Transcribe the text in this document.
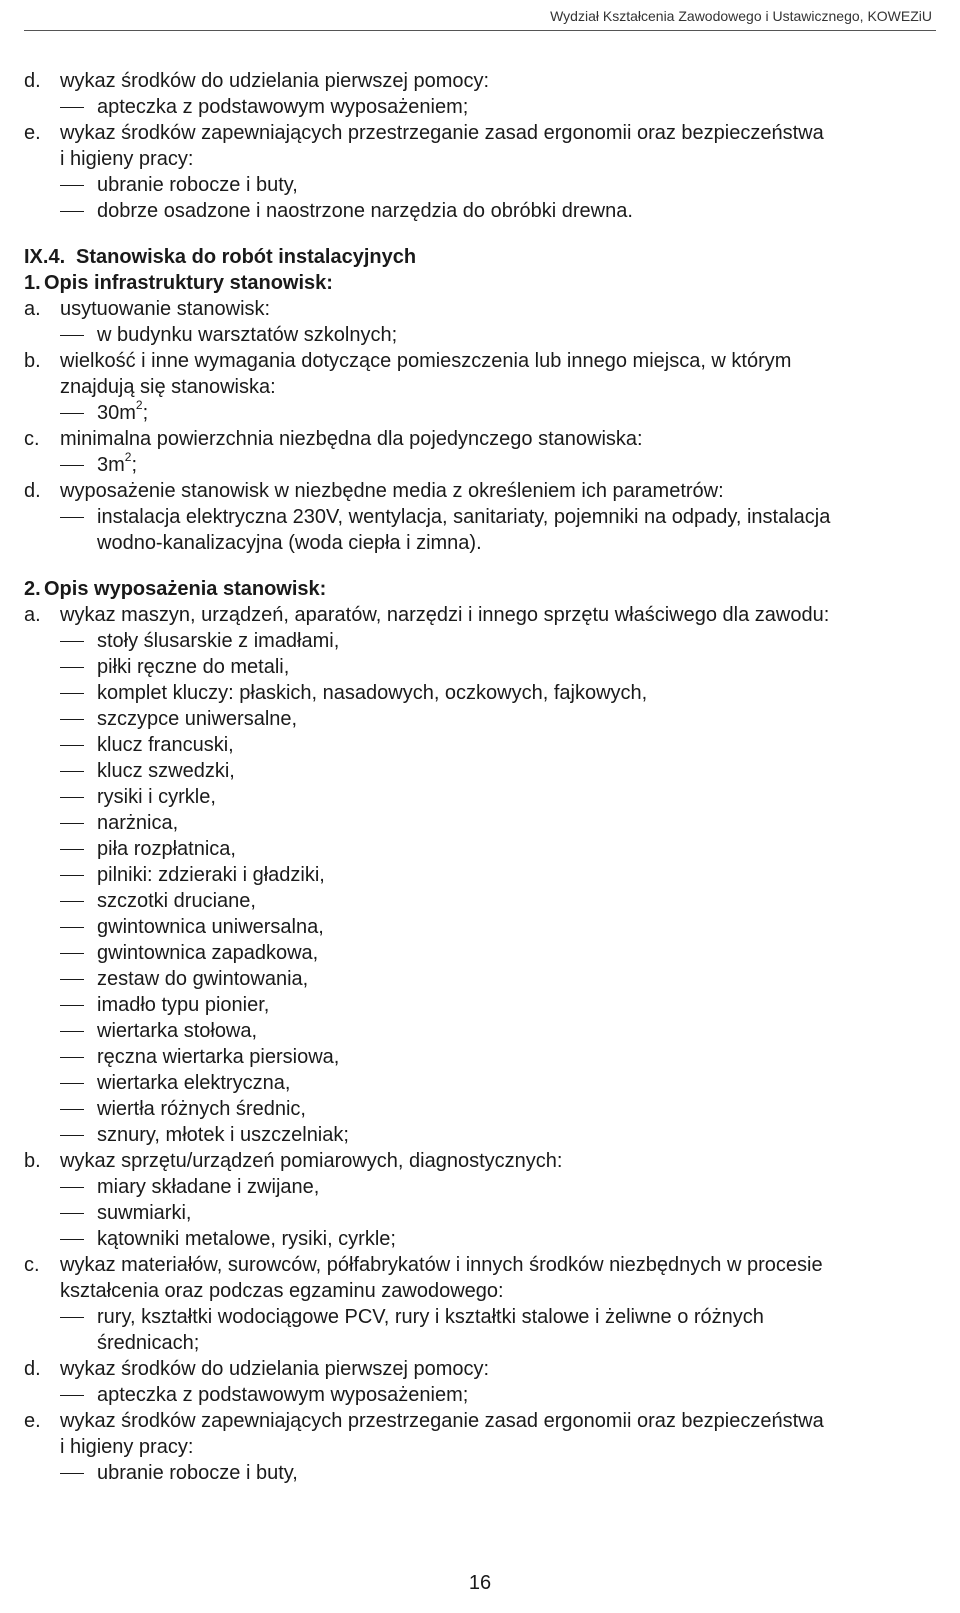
Wydział Kształcenia Zawodowego i Ustawicznego, KOWEZiU
d. wykaz środków do udzielania pierwszej pomocy:
apteczka z podstawowym wyposażeniem;
e. wykaz środków zapewniających przestrzeganie zasad ergonomii oraz bezpieczeństwa
i higieny pracy:
ubranie robocze i buty,
dobrze osadzone i naostrzone narzędzia do obróbki drewna.
IX.4. Stanowiska do robót instalacyjnych
1. Opis infrastruktury stanowisk:
a. usytuowanie stanowisk:
w budynku warsztatów szkolnych;
b. wielkość i inne wymagania dotyczące pomieszczenia lub innego miejsca, w którym
znajdują się stanowiska:
$30m^2$;
c. minimalna powierzchnia niezbędna dla pojedynczego stanowiska:
$3m^2$;
d. wyposażenie stanowisk w niezbędne media z określeniem ich parametrów:
instalacja elektryczna 230V, wentylacja, sanitariaty, pojemniki na odpady, instalacja
wodno-kanalizacyjna (woda ciepła i zimna).
2. Opis wyposażenia stanowisk:
a. wykaz maszyn, urządzeń, aparatów, narzędzi i innego sprzętu właściwego dla zawodu:
stoły ślusarskie z imadłami,
piłki ręczne do metali,
komplet kluczy: płaskich, nasadowych, oczkowych, fajkowych,
szczypce uniwersalne,
klucz francuski,
klucz szwedzki,
rysiki i cyrkle,
narżnica,
piła rozpłatnica,
pilniki: zdzieraki i gładziki,
szczotki druciane,
gwintownica uniwersalna,
gwintownica zapadkowa,
zestaw do gwintowania,
imadło typu pionier,
wiertarka stołowa,
ręczna wiertarka piersiowa,
wiertarka elektryczna,
wiertła różnych średnic,
sznury, młotek i uszczelniak;
b. wykaz sprzętu/urządzeń pomiarowych, diagnostycznych:
miary składane i zwijane,
suwmiarki,
kątowniki metalowe, rysiki, cyrkle;
c. wykaz materiałów, surowców, półfabrykatów i innych środków niezbędnych w procesie
kształcenia oraz podczas egzaminu zawodowego:
rury, kształtki wodociągowe PCV, rury i kształtki stalowe i żeliwne o różnych
średnicach;
d. wykaz środków do udzielania pierwszej pomocy:
apteczka z podstawowym wyposażeniem;
e. wykaz środków zapewniających przestrzeganie zasad ergonomii oraz bezpieczeństwa
i higieny pracy:
ubranie robocze i buty,
16
